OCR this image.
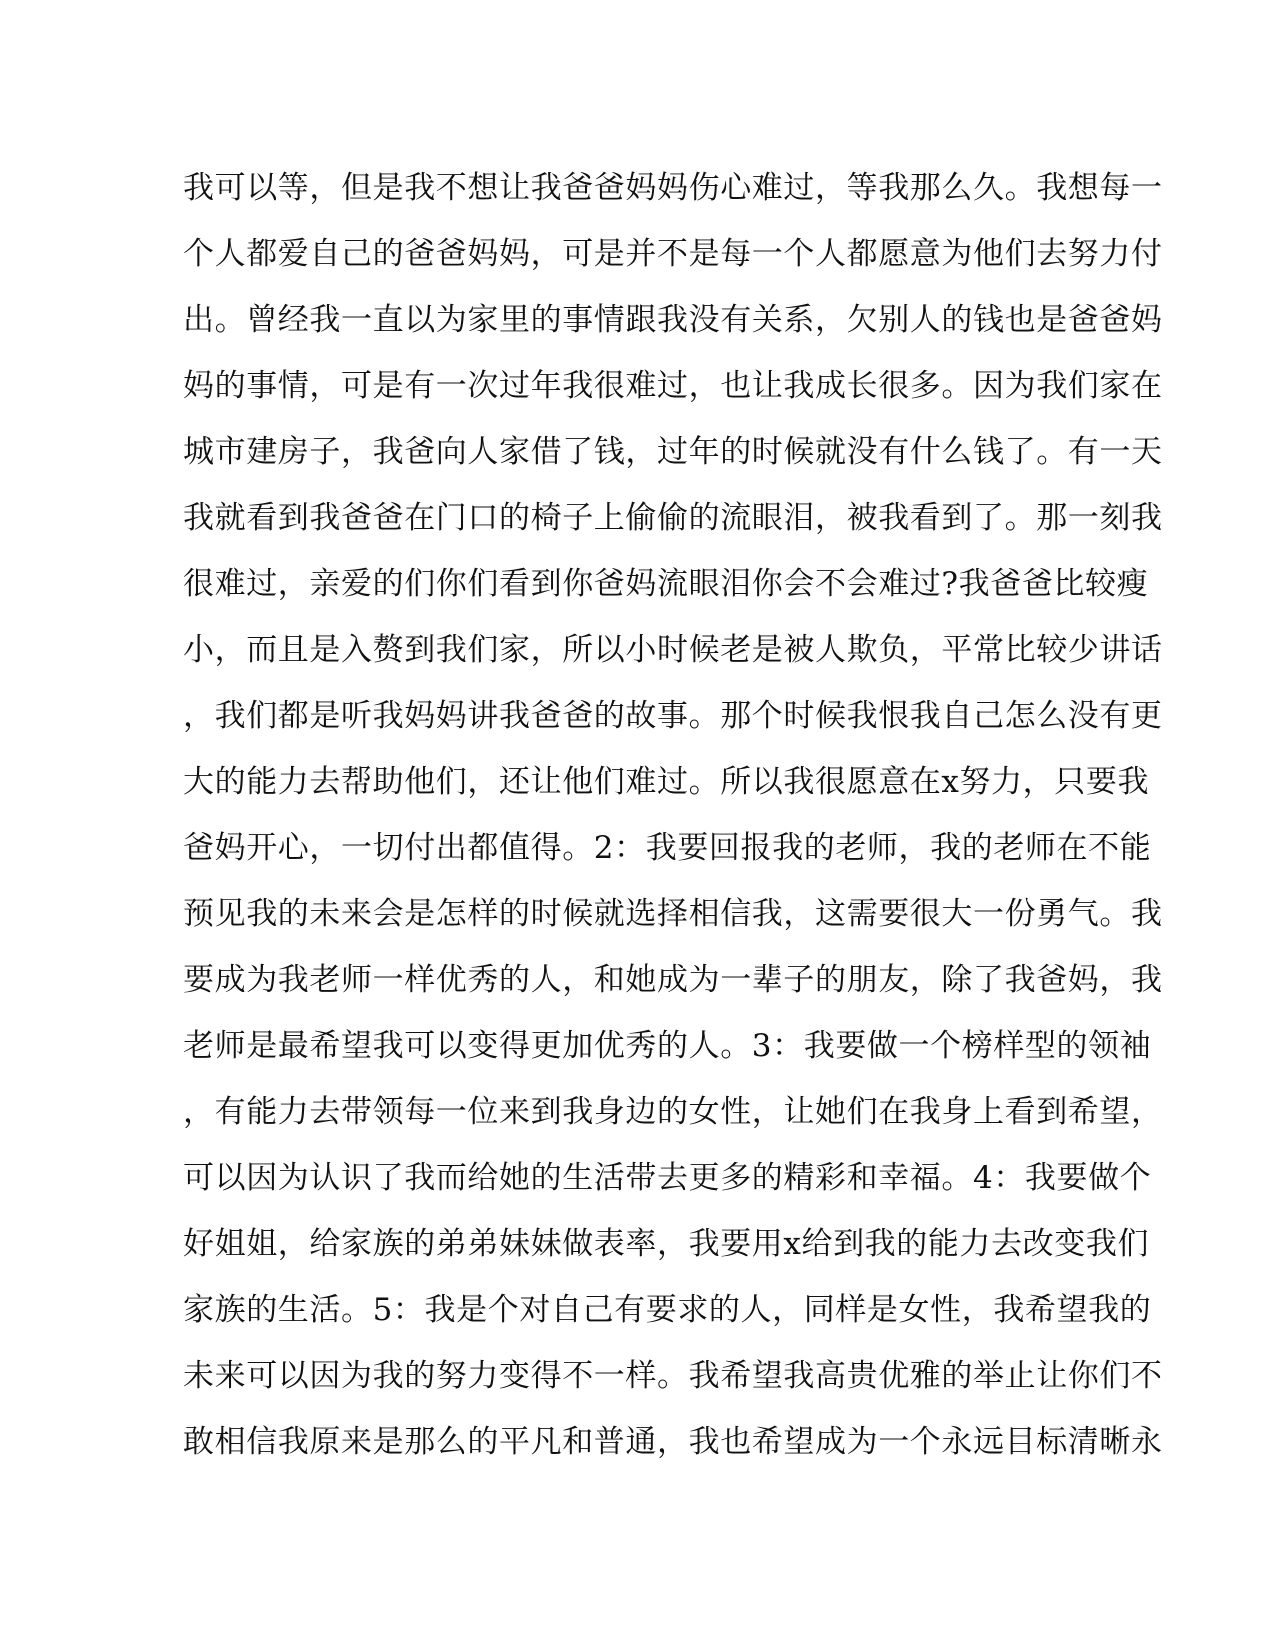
我可以等，但是我不想让我爸爸妈妈伤心难过，等我那么久。我想每一
个人都爱自己的爸爸妈妈，可是并不是每一个人都愿意为他们去努力付
出。曾经我一直以为家里的事情跟我没有关系，欠别人的钱也是爸爸妈
妈的事情，可是有一次过年我很难过，也让我成长很多。因为我们家在
城市建房子，我爸向人家借了钱，过年的时候就没有什么钱了。有一天
我就看到我爸爸在门口的椅子上偷偷的流眼泪，被我看到了。那一刻我
很难过，亲爱的们你们看到你爸妈流眼泪你会不会难过?我爸爸比较瘦
小，而且是入赘到我们家，所以小时候老是被人欺负，平常比较少讲话
，我们都是听我妈妈讲我爸爸的故事。那个时候我恨我自己怎么没有更
大的能力去帮助他们，还让他们难过。所以我很愿意在x努力，只要我
爸妈开心，一切付出都值得。2：我要回报我的老师，我的老师在不能
预见我的未来会是怎样的时候就选择相信我，这需要很大一份勇气。我
要成为我老师一样优秀的人，和她成为一辈子的朋友，除了我爸妈，我
老师是最希望我可以变得更加优秀的人。3：我要做一个榜样型的领袖
，有能力去带领每一位来到我身边的女性，让她们在我身上看到希望，
可以因为认识了我而给她的生活带去更多的精彩和幸福。4：我要做个
好姐姐，给家族的弟弟妹妹做表率，我要用x给到我的能力去改变我们
家族的生活。5：我是个对自己有要求的人，同样是女性，我希望我的
未来可以因为我的努力变得不一样。我希望我高贵优雅的举止让你们不
敢相信我原来是那么的平凡和普通，我也希望成为一个永远目标清晰永
